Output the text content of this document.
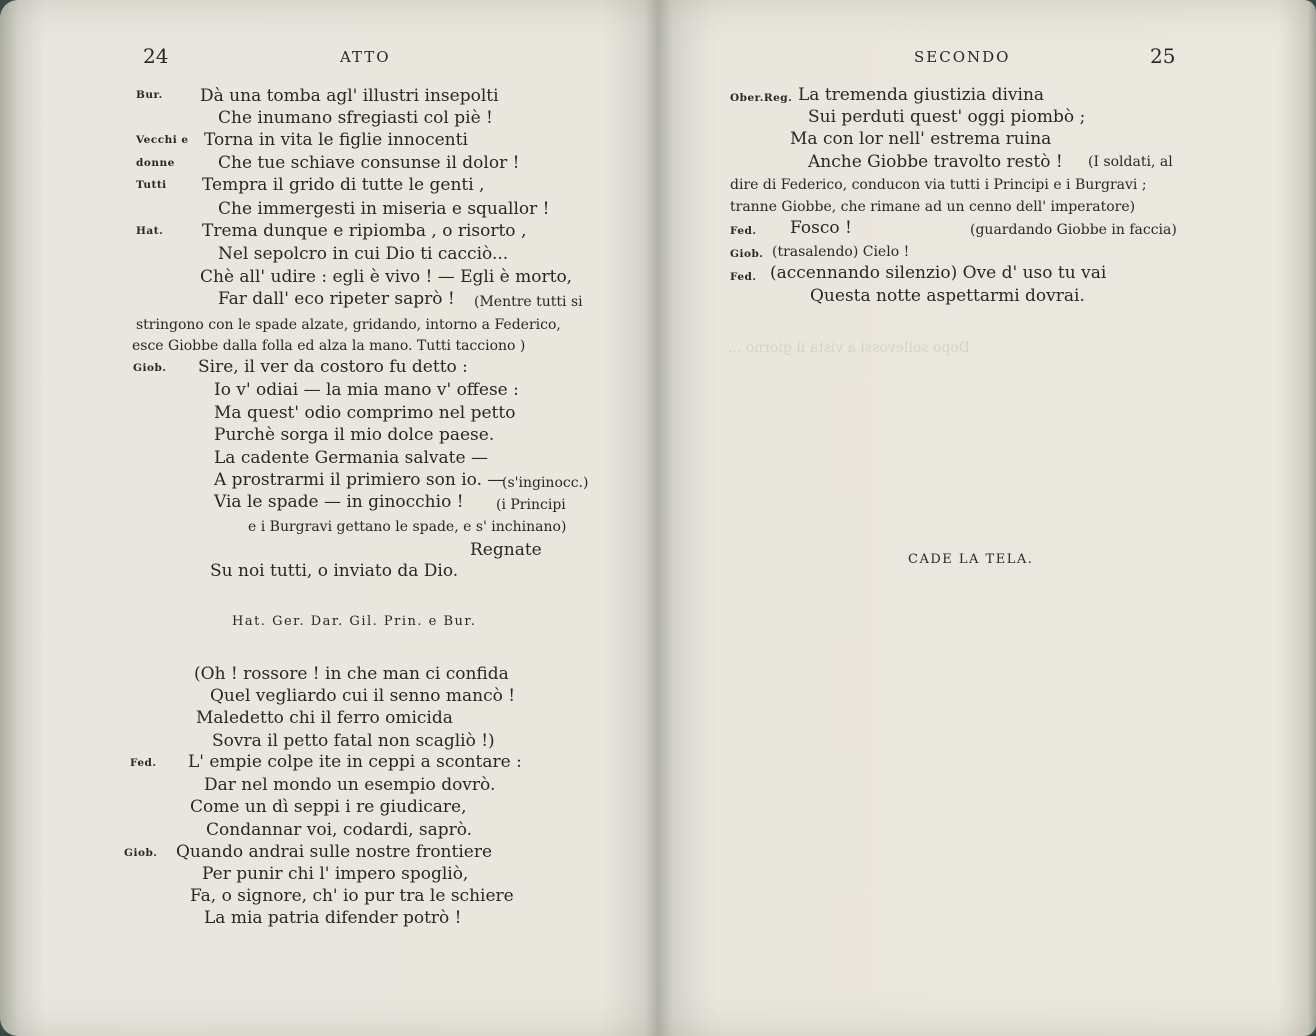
24	ATTO
Bur. Dà una tomba agl' illustri insepolti
Che inumano sfregiasti col piè !
Vecchi e Torna in vita le figlie innocenti
donne	Che tue schiave consunse il dolor !
Tutti Tempra il grido di tutte le genti ,
Che immergesti in miseria e squallor !
Hat. Trema dunque e ripiomba , o risorto ,
Nel sepolcro in cui Dio ti cacciò...
Chè all' udire : egli è vivo ! — Egli è morto,
Far dall' eco ripeter saprò ! (Mentre tutti si
stringono con le spade alzate, gridando, intorno a Federico,
esce Giobbe dalla folla ed alza la mano. Tutti tacciono )
Giob. Sire, il ver da costoro fu detto :
Io v' odiai — la mia mano v' offese :
Ma quest' odio comprimo nel petto
Purchè sorga il mio dolce paese.
La cadente Germania salvate —
A prostrarmi il primiero son io. —
(s'inginocc.)
Via le spade — in ginocchio ! (i Principi
e i Burgravi gettano le spade, e s' inchinano)
Regnate
Su noi tutti, o inviato da Dio.
Hat. Ger. Dar. Gil. Prin. e Bur.
(Oh ! rossore ! in che man ci confida
Quel vegliardo cui il senno mancò !
Maledetto chi il ferro omicida
Sovra il petto fatal non scagliò !)
Fed. L' empie colpe ite in ceppi a scontare :
Dar nel mondo un esempio dovrò.
Come un dì seppi i re giudicare,
Condannar voi, codardi, saprò.
Giob. Quando andrai sulle nostre frontiere
Per punir chi l' impero spogliò,
Fa, o signore, ch' io pur tra le schiere
La mia patria difender potrò !
Dopo sollevossi a vista il giorno ...
SECONDO	25
Ober.Reg. La tremenda giustizia divina
Sui perduti quest' oggi piombò ;
Ma con lor nell' estrema ruina
Anche Giobbe travolto restò ! (I soldati, al
dire di Federico, conducon via tutti i Principi e i Burgravi ;
tranne Giobbe, che rimane ad un cenno dell' imperatore)
Fed. Fosco !	(guardando Giobbe in faccia)
Giob. (trasalendo) Cielo !
Fed. (accennando silenzio) Ove d' uso tu vai
Questa notte aspettarmi dovrai.
CADE LA TELA.
